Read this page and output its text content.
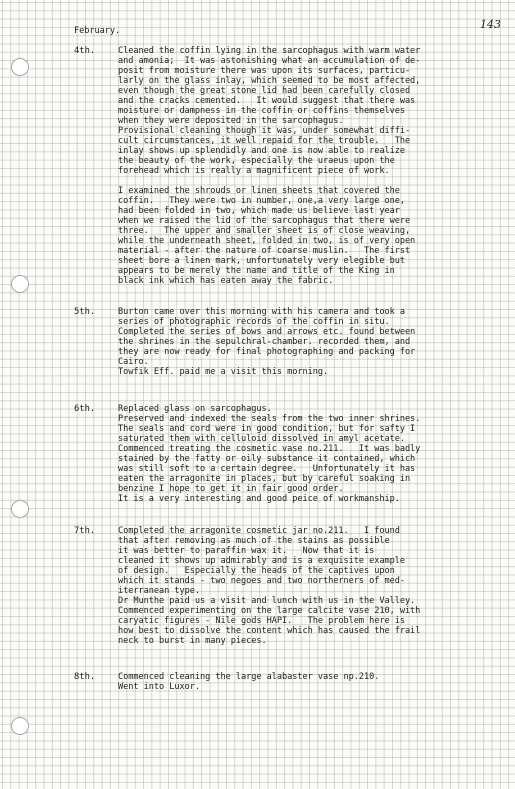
143
February.
4th.	Cleaned the coffin lying in the sarcophagus with warm water
and amonia;  It was astonishing what an accumulation of de-
posit from moisture there was upon its surfaces, particu-
larly on the glass inlay, which seemed to be most affected,
even though the great stone lid had been carefully closed
and the cracks cemented.   It would suggest that there was
moisture or dampness in the coffin or coffins themselves
when they were deposited in the sarcophagus.
Provisional cleaning though it was, under somewhat diffi-
cult circumstances, it well repaid for the trouble.   The
inlay shows up splendidly and one is now able to realize
the beauty of the work, especially the uraeus upon the
forehead which is really a magnificent piece of work.

I examined the shrouds or linen sheets that covered the
coffin.   They were two in number, one,a very large one,
had been folded in two, which made us believe last year
when we raised the lid of the sarcophagus that there were
three.   The upper and smaller sheet is of close weaving,
while the underneath sheet, folded in two, is of very open
material - after the nature of coarse muslin.   The first
sheet bore a linen mark, unfortunately very elegible but
appears to be merely the name and title of the King in
black ink which has eaten away the fabric.
5th.	Burton came over this morning with his camera and took a
series of photographic records of the coffin in situ.
Completed the series of bows and arrows etc. found between
the shrines in the sepulchral-chamber. recorded them, and
they are now ready for final photographing and packing for
Cairo.
Towfik Eff. paid me a visit this morning.
6th.	Replaced glass on sarcophagus.
Preserved and indexed the seals from the two inner shrines.
The seals and cord were in good condition, but for safty I
saturated them with celluloid dissolved in amyl acetate.
Commenced treating the cosmetic vase no.211.   It was badly
stained by the fatty or oily substance it contained, which
was still soft to a certain degree.   Unfortunately it has
eaten the arragonite in places, but by careful soaking in
benzine I hope to get it in fair good order.
It is a very interesting and good peice of workmanship.
7th.	Completed the arragonite cosmetic jar no.211.   I found
that after removing as much of the stains as possible
it was better to paraffin wax it.   Now that it is
cleaned it shows up admirably and is a exquisite example
of design.   Especially the heads of the captives upon
which it stands - two negoes and two northerners of med-
iterranean type.
Dr Munthe paid us a visit and lunch with us in the Valley.
Commenced experimenting on the large calcite vase 210, with
caryatic figures - Nile gods HAPI.   The problem here is
how best to dissolve the content which has caused the frail
neck to burst in many pieces.
8th.	Commenced cleaning the large alabaster vase np.210.
Went into Luxor.
